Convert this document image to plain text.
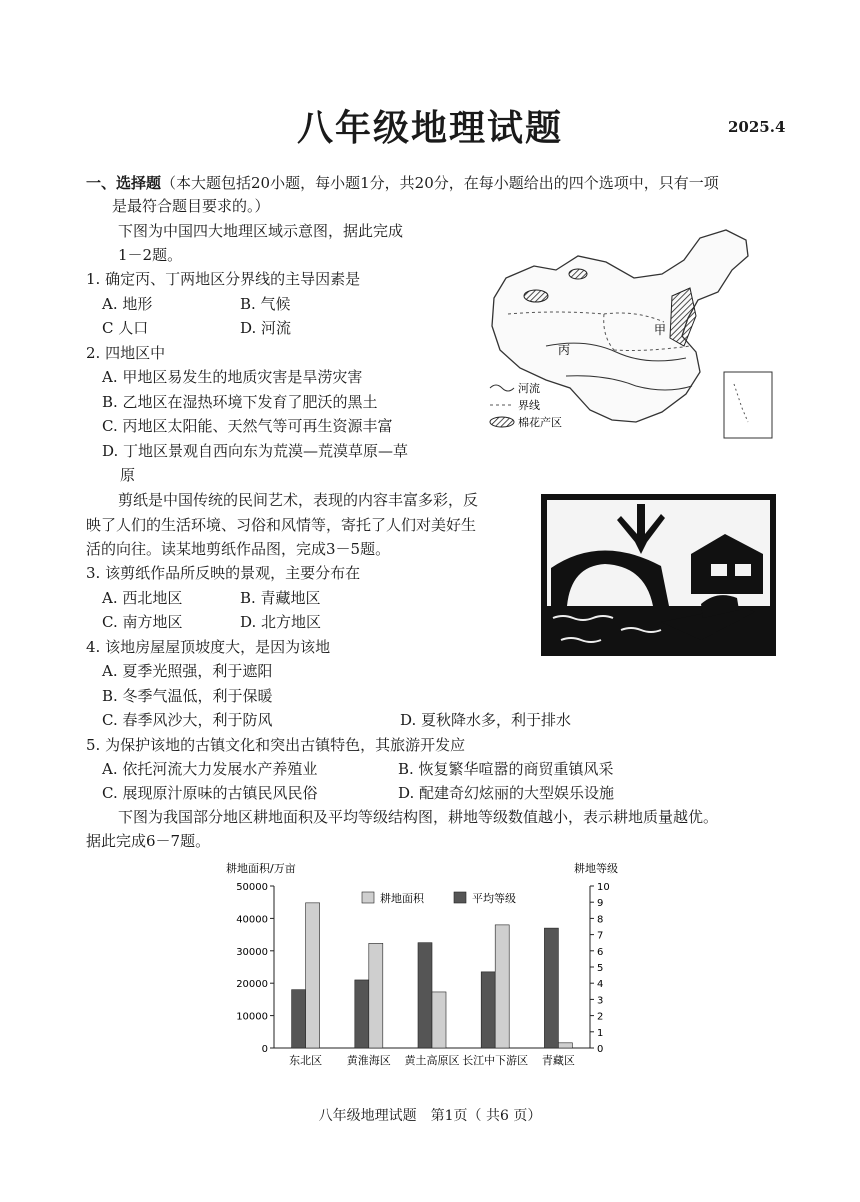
八年级地理试题	2025.4
一、选择题（本大题包括20小题，每小题1分，共20分，在每小题给出的四个选项中，只有一项
是最符合题目要求的。）
下图为中国四大地理区域示意图，据此完成
1－2题。
1. 确定丙、丁两地区分界线的主导因素是
A. 地形	B. 气候
C 人口	D. 河流
2. 四地区中
A. 甲地区易发生的地质灾害是旱涝灾害
B. 乙地区在湿热环境下发育了肥沃的黑土
C. 丙地区太阳能、天然气等可再生资源丰富
D. 丁地区景观自西向东为荒漠—荒漠草原—草
原
甲
丙
河流
界线
棉花产区
剪纸是中国传统的民间艺术，表现的内容丰富多彩，反
映了人们的生活环境、习俗和风情等，寄托了人们对美好生
活的向往。读某地剪纸作品图，完成3－5题。
3. 该剪纸作品所反映的景观，主要分布在
A. 西北地区	B. 青藏地区
C. 南方地区	D. 北方地区
4. 该地房屋屋顶坡度大，是因为该地
A. 夏季光照强，利于遮阳
B. 冬季气温低，利于保暖
C. 春季风沙大，利于防风	D. 夏秋降水多，利于排水
5. 为保护该地的古镇文化和突出古镇特色，其旅游开发应
A. 依托河流大力发展水产养殖业	B. 恢复繁华喧嚣的商贸重镇风采
C. 展现原汁原味的古镇民风民俗	D. 配建奇幻炫丽的大型娱乐设施
下图为我国部分地区耕地面积及平均等级结构图，耕地等级数值越小，表示耕地质量越优。
据此完成6－7题。
耕地面积/万亩	耕地等级
0
10000
20000
30000
40000
50000
0
1
2
3
4
5
6
7
8
9
10
东北区 黄淮海区 黄土高原区 长江中下游区 青藏区
耕地面积	平均等级
八年级地理试题　第1页（ 共6 页）
